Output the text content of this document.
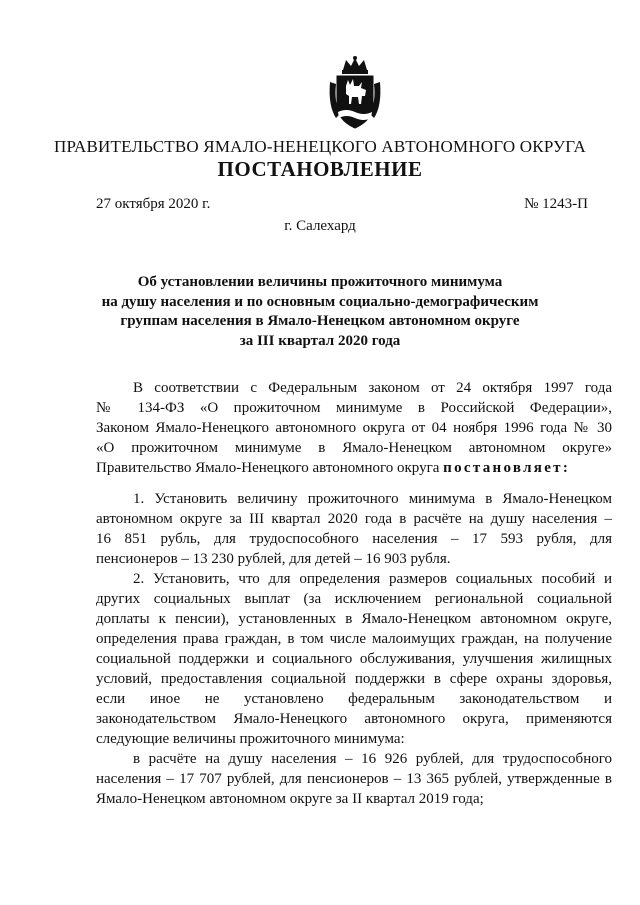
ПРАВИТЕЛЬСТВО ЯМАЛО-НЕНЕЦКОГО АВТОНОМНОГО ОКРУГА
ПОСТАНОВЛЕНИЕ
27 октября 2020 г.	№ 1243-П
г. Салехард
Об установлении величины прожиточного минимума
на душу населения и по основным социально-демографическим
группам населения в Ямало-Ненецком автономном округе
за III квартал 2020 года
В соответствии с Федеральным законом от 24 октября 1997 года
№ 134-ФЗ «О прожиточном минимуме в Российской Федерации»,
Законом Ямало-Ненецкого автономного округа от 04 ноября 1996 года № 30
«О прожиточном минимуме в Ямало-Ненецком автономном округе»
Правительство Ямало-Ненецкого автономного округа постановляет:
1. Установить величину прожиточного минимума в Ямало-Ненецком
автономном округе за III квартал 2020 года в расчёте на душу населения –
16 851 рубль, для трудоспособного населения – 17 593 рубля, для
пенсионеров – 13 230 рублей, для детей – 16 903 рубля.
2. Установить, что для определения размеров социальных пособий и
других социальных выплат (за исключением региональной социальной
доплаты к пенсии), установленных в Ямало-Ненецком автономном округе,
определения права граждан, в том числе малоимущих граждан, на получение
социальной поддержки и социального обслуживания, улучшения жилищных
условий, предоставления социальной поддержки в сфере охраны здоровья,
если иное не установлено федеральным законодательством и
законодательством Ямало-Ненецкого автономного округа, применяются
следующие величины прожиточного минимума:
в расчёте на душу населения – 16 926 рублей, для трудоспособного
населения – 17 707 рублей, для пенсионеров – 13 365 рублей, утвержденные в
Ямало-Ненецком автономном округе за II квартал 2019 года;
